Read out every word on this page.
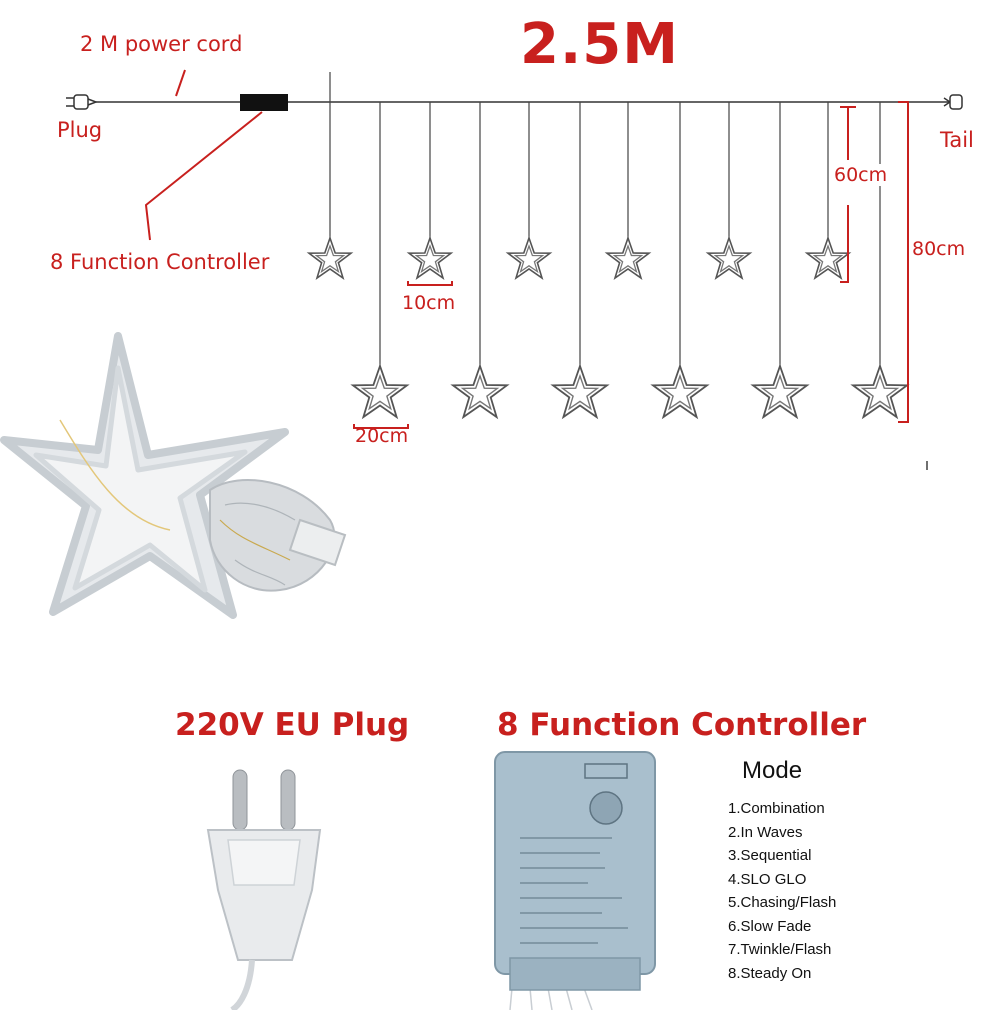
2.5M
2 M power cord
Plug	Tail
8 Function Controller
60cm
80cm
10cm
20cm
220V EU Plug	8 Function Controller
Mode
1.Combination
2.In Waves
3.Sequential
4.SLO GLO
5.Chasing/Flash
6.Slow Fade
7.Twinkle/Flash
8.Steady On
